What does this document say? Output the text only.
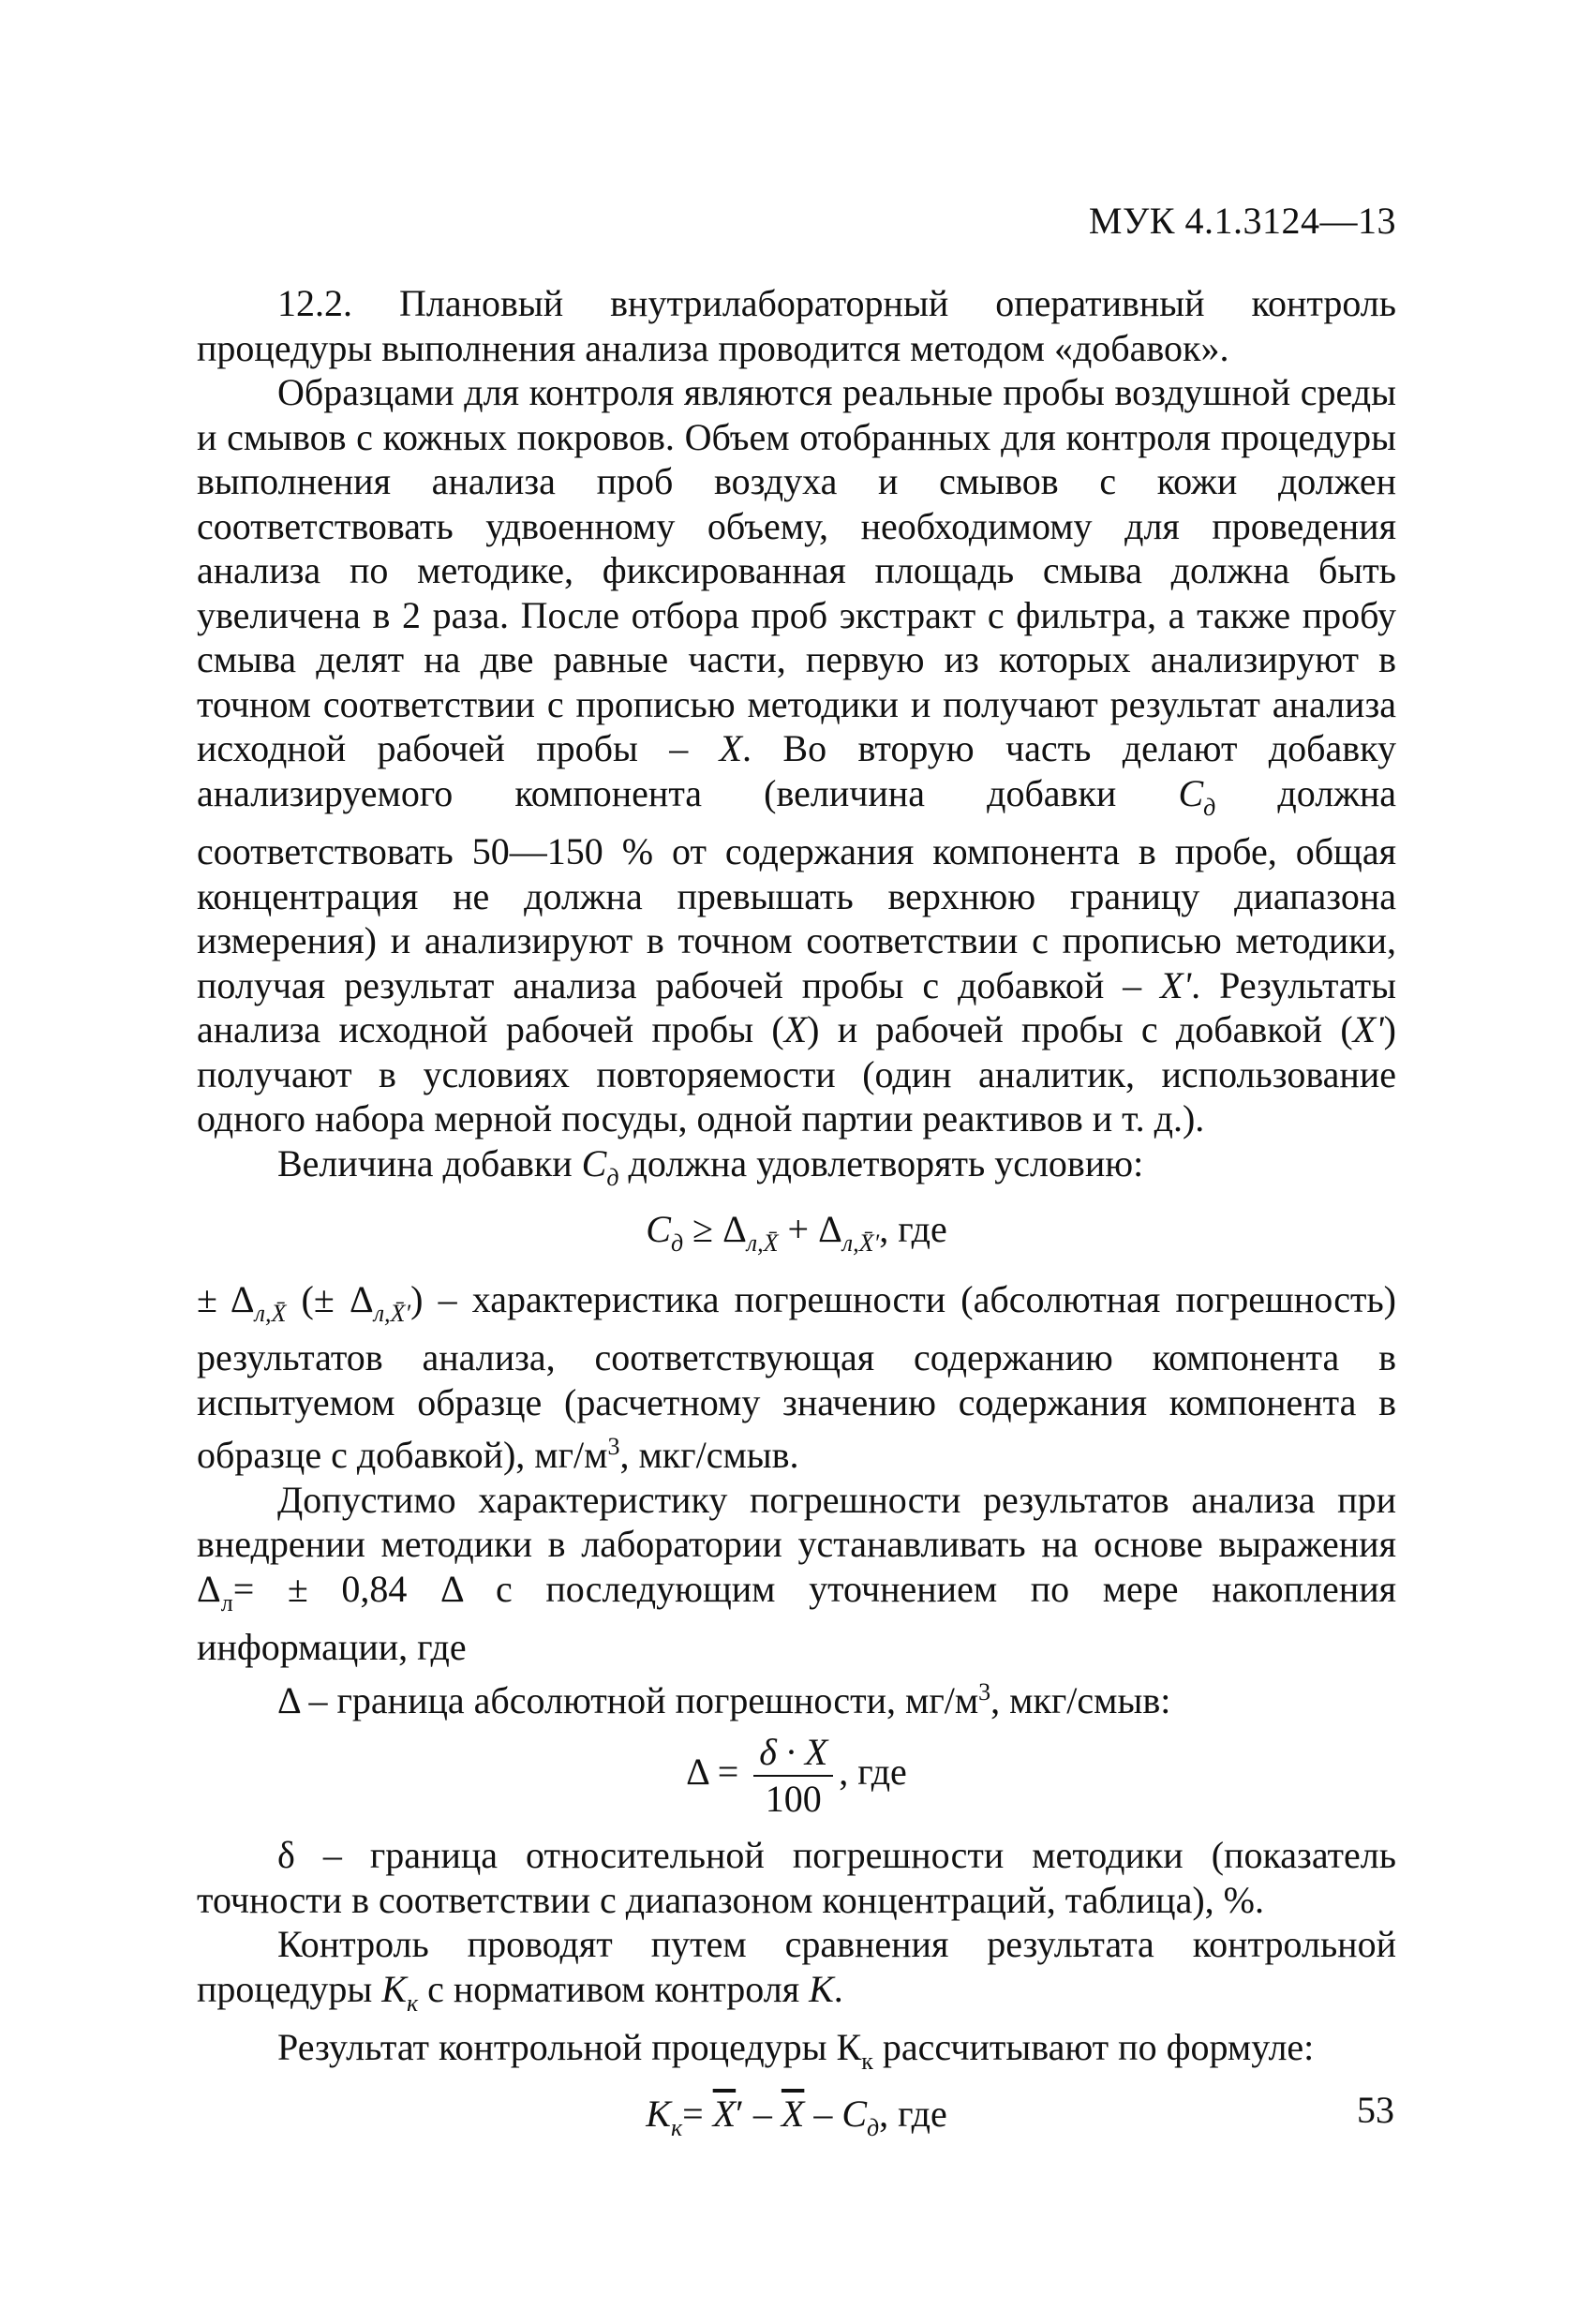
МУК 4.1.3124—13

12.2. Плановый внутрилабораторный оперативный контроль процедуры выполнения анализа проводится методом «добавок».

Образцами для контроля являются реальные пробы воздушной среды и смывов с кожных покровов. Объем отобранных для контроля процедуры выполнения анализа проб воздуха и смывов с кожи должен соответствовать удвоенному объему, необходимому для проведения анализа по методике, фиксированная площадь смыва должна быть увеличена в 2 раза. После отбора проб экстракт с фильтра, а также пробу смыва делят на две равные части, первую из которых анализируют в точном соответствии с прописью методики и получают результат анализа исходной рабочей пробы – X. Во вторую часть делают добавку анализируемого компонента (величина добавки $C_д$ должна соответствовать 50—150 % от содержания компонента в пробе, общая концентрация не должна превышать верхнюю границу диапазона измерения) и анализируют в точном соответствии с прописью методики, получая результат анализа рабочей пробы с добавкой – X'. Результаты анализа исходной рабочей пробы (X) и рабочей пробы с добавкой (X') получают в условиях повторяемости (один аналитик, использование одного набора мерной посуды, одной партии реактивов и т. д.).

Величина добавки $C_д$ должна удовлетворять условию:

$C_д \ge \Delta_{л,X̄} + \Delta_{л,X̄'}$, где

± $\Delta_{л,X̄}$ (± $\Delta_{л,X̄'}$) – характеристика погрешности (абсолютная погрешность) результатов анализа, соответствующая содержанию компонента в испытуемом образце (расчетному значению содержания компонента в образце с добавкой), $мг/м^3$, мкг/смыв.

Допустимо характеристику погрешности результатов анализа при внедрении методики в лаборатории устанавливать на основе выражения $\Delta_л= \pm 0,84$ Δ с последующим уточнением по мере накопления информации, где

Δ – граница абсолютной погрешности, $мг/м^3$, мкг/смыв:

$\Delta = \frac{\delta \cdot X}{100}$ , где

δ – граница относительной погрешности методики (показатель точности в соответствии с диапазоном концентраций, таблица), %.

Контроль проводят путем сравнения результата контрольной процедуры $K_к$ с нормативом контроля K.

Результат контрольной процедуры $К_к$ рассчитывают по формуле:

$K_к= \overline{X}' - \overline{X} - C_д$, где	53
